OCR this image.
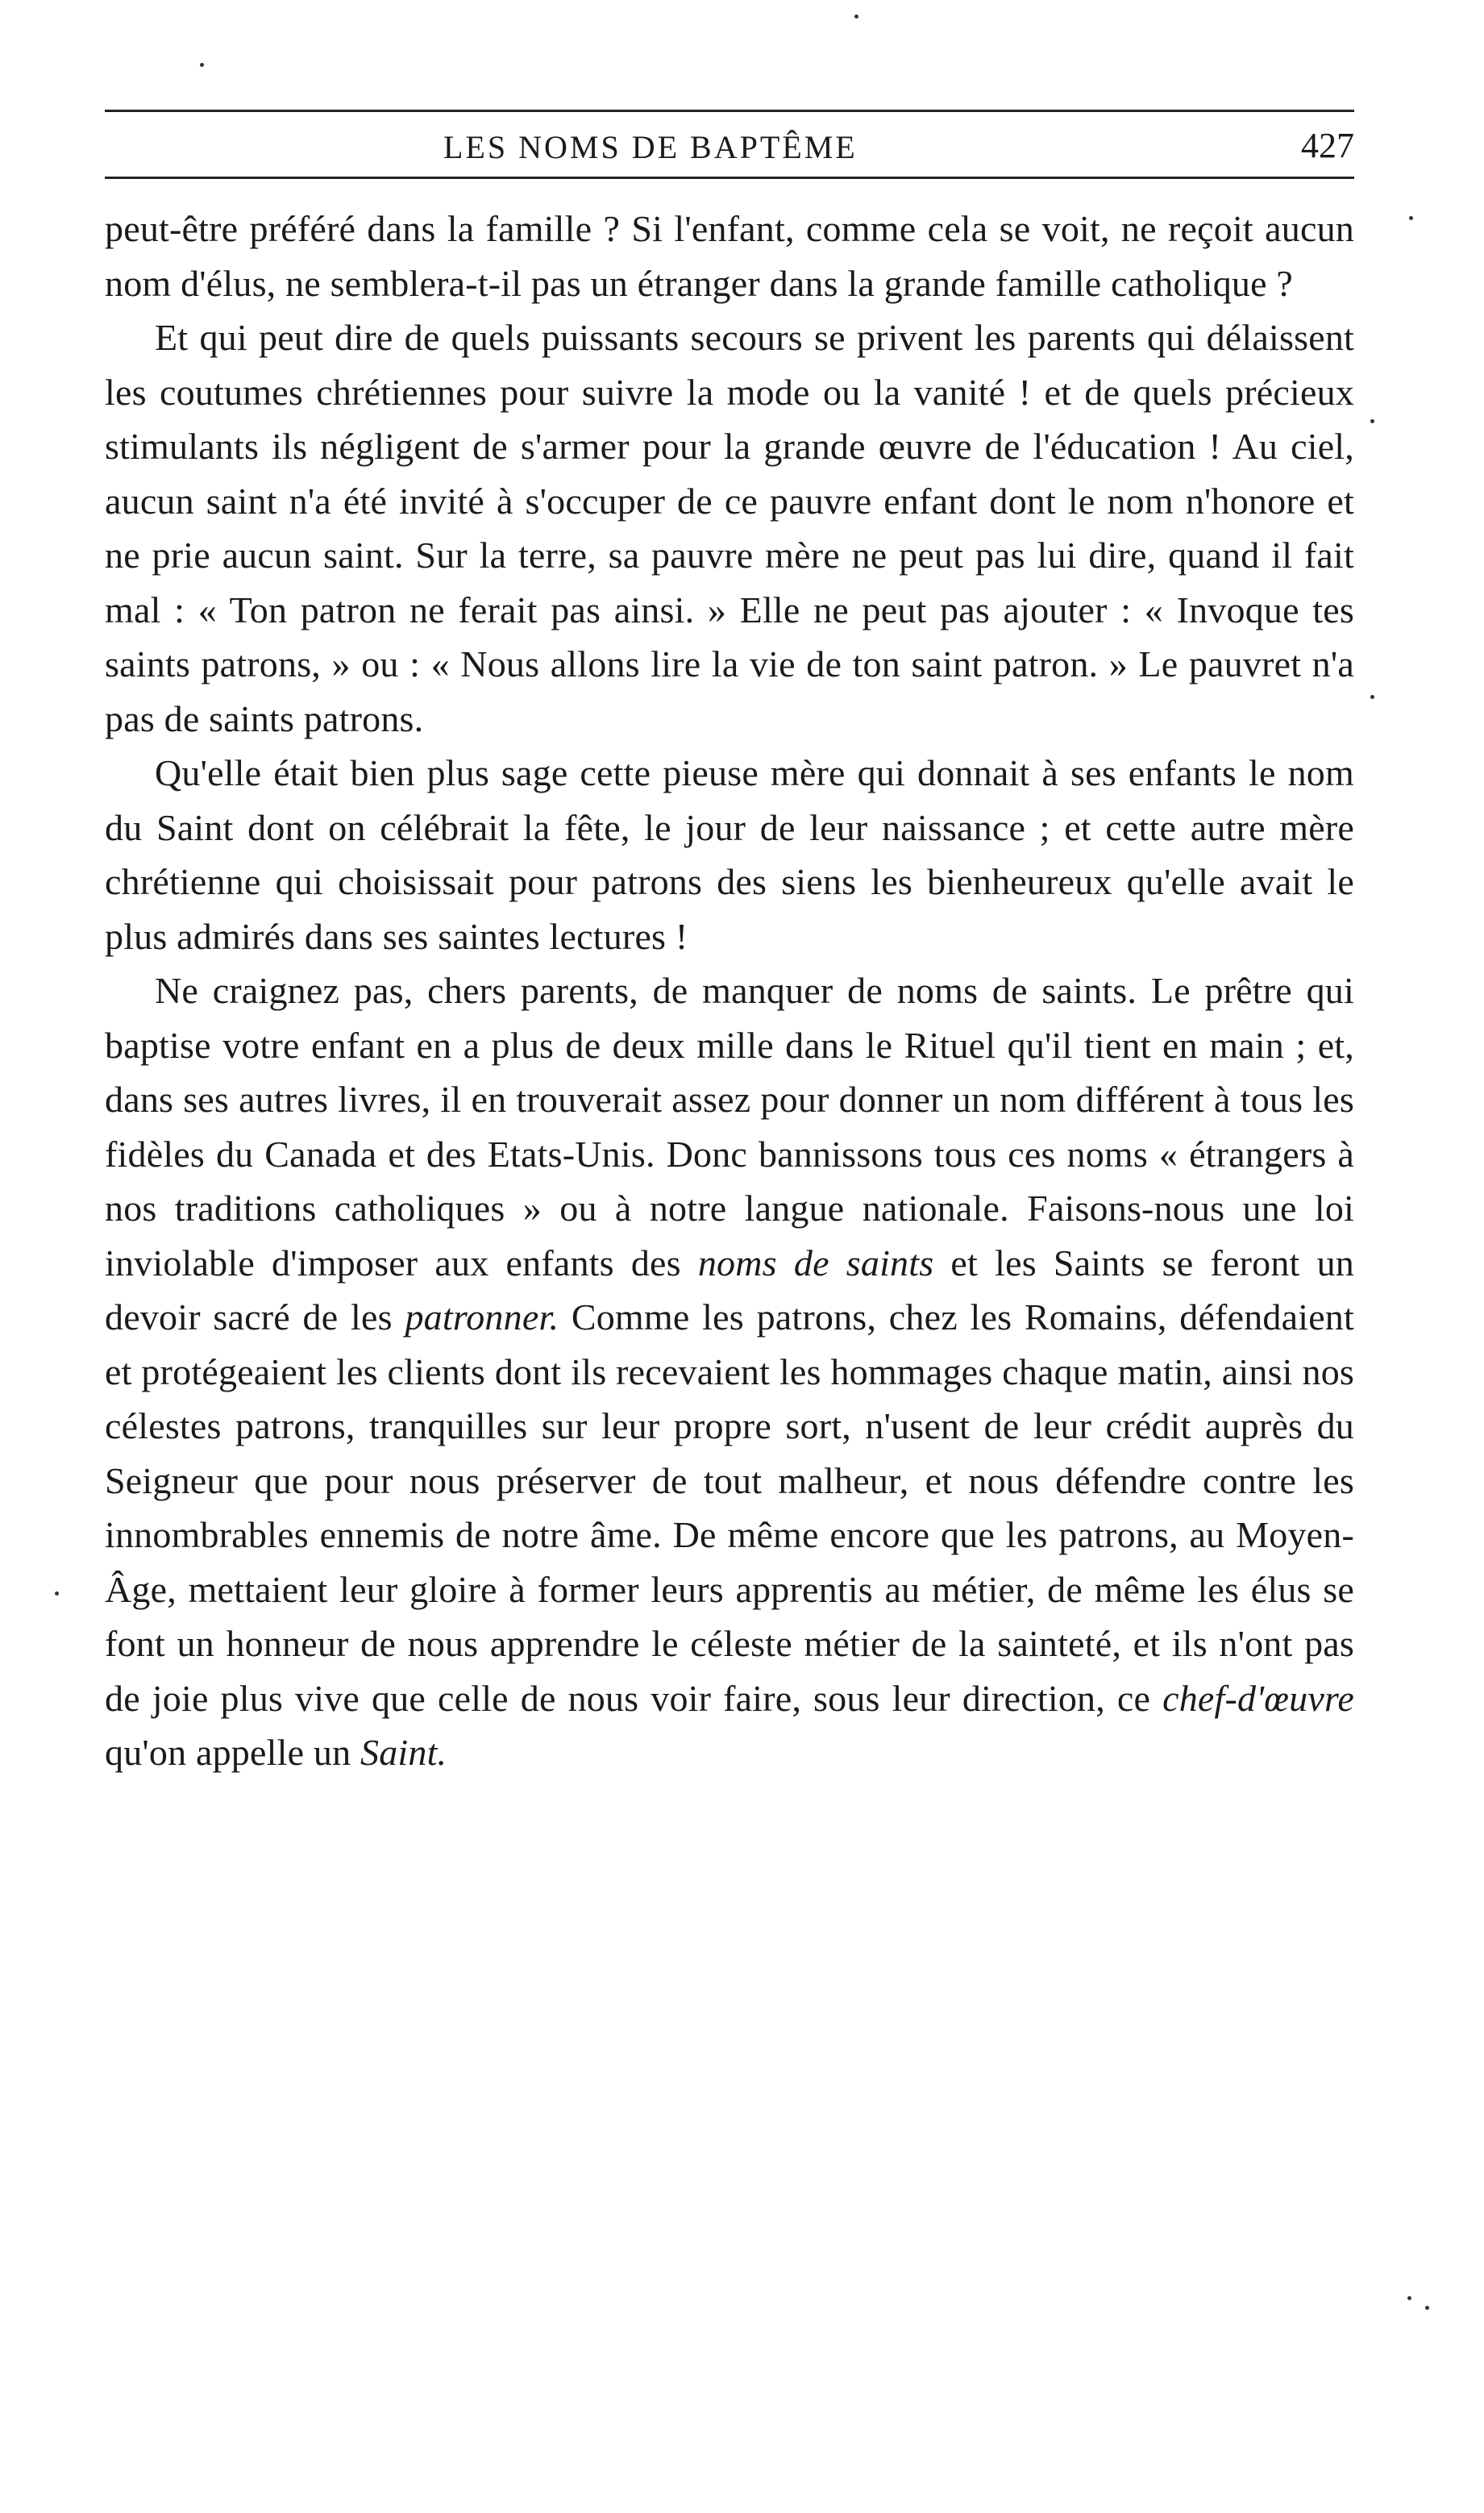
LES NOMS DE BAPTÊME	427

peut-être préféré dans la famille ? Si l'enfant, comme cela se voit, ne reçoit aucun nom d'élus, ne semblera-t-il pas un étranger dans la grande famille catholique ?

Et qui peut dire de quels puissants secours se privent les parents qui délaissent les coutumes chrétiennes pour suivre la mode ou la vanité ! et de quels précieux stimulants ils négligent de s'armer pour la grande œuvre de l'éducation ! Au ciel, aucun saint n'a été invité à s'occuper de ce pauvre enfant dont le nom n'honore et ne prie aucun saint. Sur la terre, sa pauvre mère ne peut pas lui dire, quand il fait mal : « Ton patron ne ferait pas ainsi. » Elle ne peut pas ajouter : « Invoque tes saints patrons, » ou : « Nous allons lire la vie de ton saint patron. » Le pauvret n'a pas de saints patrons.

Qu'elle était bien plus sage cette pieuse mère qui donnait à ses enfants le nom du Saint dont on célébrait la fête, le jour de leur naissance ; et cette autre mère chrétienne qui choisissait pour patrons des siens les bienheureux qu'elle avait le plus admirés dans ses saintes lectures !

Ne craignez pas, chers parents, de manquer de noms de saints. Le prêtre qui baptise votre enfant en a plus de deux mille dans le Rituel qu'il tient en main ; et, dans ses autres livres, il en trouverait assez pour donner un nom différent à tous les fidèles du Canada et des Etats-Unis. Donc bannissons tous ces noms « étrangers à nos traditions catholiques » ou à notre langue nationale. Faisons-nous une loi inviolable d'imposer aux enfants des noms de saints et les Saints se feront un devoir sacré de les patronner. Comme les patrons, chez les Romains, défendaient et protégeaient les clients dont ils recevaient les hommages chaque matin, ainsi nos célestes patrons, tranquilles sur leur propre sort, n'usent de leur crédit auprès du Seigneur que pour nous préserver de tout malheur, et nous défendre contre les innombrables ennemis de notre âme. De même encore que les patrons, au Moyen-Âge, mettaient leur gloire à former leurs apprentis au métier, de même les élus se font un honneur de nous apprendre le céleste métier de la sainteté, et ils n'ont pas de joie plus vive que celle de nous voir faire, sous leur direction, ce chef-d'œuvre qu'on appelle un Saint.
